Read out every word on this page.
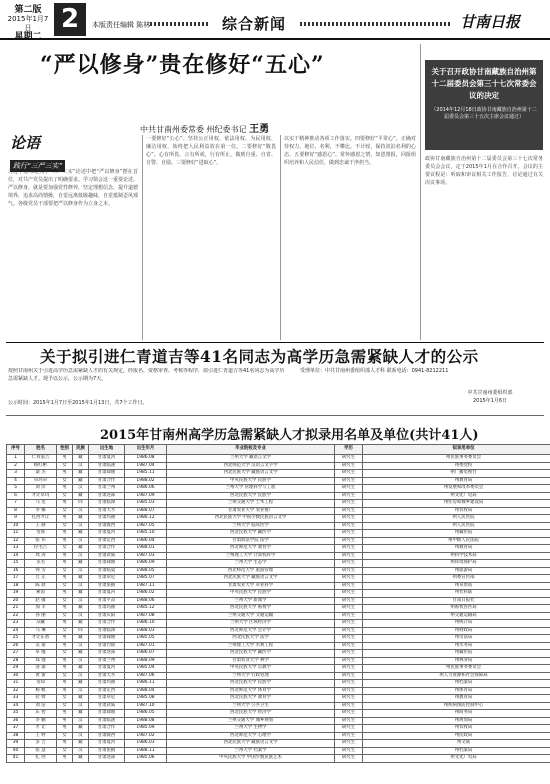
第二版
2015年1月7日
星期二
2	本版责任编辑 陈林	综合新闻	甘南日报
“严以修身”贵在修好“五心”
中共甘南州委常委 州纪委书记 王勇
论语
践行“三严三实”
习近平总书记关于“三严三实”论述中把“严以修身”摆在首位，对共产党员提出了明确要求。学习领会这一重要论述，严以修身，就是要加强党性修养，坚定理想信念，提升道德境界，追求高尚情操，自觉远离低级趣味，自觉抵制歪风邪气。各级党员干部要把严以修身作为立身之本。
一要修好“公心”。坚持公正用权、依法用权、为民用权、廉洁用权，始终把人民利益放在第一位。二要修好“敬畏心”。心有所畏，言有所戒，行有所止，做到自重、自省、自警、自励。三要修好“进取心”。
以实干精神推动各项工作落实。四要修好“平常心”。正确对待权力、地位、名利，不攀比、不计较，保持淡泊名利的心态。五要修好“感恩心”。常怀感恩之情，知恩图报，回报组织培养和人民信任，做到忠诚干净担当。
关于召开政协甘南藏族自治州第十二届委员会第三十七次常委会议的决定
（2014年12月18日政协甘南藏族自治州第十二届委员会第三十五次主席会议通过）
政协甘南藏族自治州第十二届委员会第三十七次常务委员会会议，定于2015年1月在合作召开。会议的主要议程是：听取和审议相关工作报告，讨论通过有关决议事项。
关于拟引进仁青道吉等41名同志为高学历急需紧缺人才的公示
按照甘南州关于引进高学历急需紧缺人才的有关规定，经报名、资格审查、考核等程序，拟引进仁青道吉等41名同志为高学历急需紧缺人才。现予以公示，公示期为7天。
公示时间：2015年1月7日至2015年1月13日，共7个工作日。
受理单位：中共甘南州委组织部人才科 联系电话：0941-8212211
中共甘南州委组织部
2015年1月6日
2015年甘南州高学历急需紧缺人才拟录用名单及单位(共计41人)
序号	姓名	性别	民族	出生地	出生年月	毕业院校及专业	学历	拟录用单位
1	仁青道吉	男	藏	甘肃夏河	1986.08	兰州大学 藏语言文学	研究生	州民族事务委员会
2	杨红彬	女	汉	甘肃临洮	1987.04	西北师范大学 汉语言文字学	研究生	州委党校
3	桑 杰	男	藏	甘肃碌曲	1985.11	西北民族大学 藏族语言文学	研究生	州广播电视台
4	卓玛草	女	藏	甘肃合作	1988.02	中央民族大学 民族学	研究生	州教育局
5	刘 洋	男	汉	甘肃兰州	1986.06	兰州大学 管理科学与工程	研究生	州发展和改革委员会
6	才让卓玛	女	藏	甘肃迭部	1987.09	西北民族大学 民族学	研究生	州文化广电局
7	马 龙	男	回	甘肃临潭	1985.03	兰州交通大学 土木工程	研究生	州住房和城乡建设局
8	李 娜	女	汉	甘肃天水	1988.07	甘肃农业大学 农业推广	研究生	州农牧局
9	扎西才让	男	藏	甘肃玛曲	1986.12	西北民族大学 中国少数民族语言文学	研究生	州人民医院
10	王 静	女	汉	甘肃陇西	1987.05	兰州大学 临床医学	研究生	州人民医院
11	贡保	男	藏	甘肃夏河	1985.10	西北民族大学 藏医学	研究生	州藏医院
12	张 伟	男	汉	甘肃定西	1986.04	甘肃政法学院 法学	研究生	州中级人民法院
13	拉毛吉	女	藏	甘肃合作	1988.01	西北师范大学 教育学	研究生	州教育局
14	周 涛	男	汉	甘肃武威	1987.03	兰州理工大学 计算机科学	研究生	州科学技术局
15	多杰	男	藏	甘肃碌曲	1986.09	兰州大学 生态学	研究生	州环境保护局
16	何 雪	女	汉	甘肃临夏	1988.05	西北师范大学 旅游管理	研究生	州旅游局
17	旦 正	男	藏	甘肃卓尼	1985.07	西北民族大学 藏族语言文学	研究生	州委宣传部
18	陈 晨	女	汉	甘肃张掖	1987.11	甘肃农业大学 草业科学	研究生	州草原站
19	索南	男	藏	甘肃夏河	1986.02	中央民族大学 民族学	研究生	州社科联
20	赵 敏	女	汉	甘肃平凉	1988.06	兰州大学 新闻学	研究生	甘南日报社
21	加 羊	男	藏	甘肃玛曲	1985.12	西北民族大学 畜牧学	研究生	州畜牧兽医局
22	孙 丽	女	汉	甘肃庆阳	1987.08	兰州交通大学 交通运输	研究生	州交通运输局
23	尕藏	男	藏	甘肃合作	1986.10	兰州大学 区域经济学	研究生	州统计局
24	马 琳	女	回	甘肃临潭	1988.03	西北师范大学 会计学	研究生	州财政局
25	才让东智	男	藏	甘肃碌曲	1985.05	西北民族大学 法学	研究生	州司法局
26	吴 迪	男	汉	甘肃白银	1987.01	兰州理工大学 水利工程	研究生	州水务局
27	卓 嘎	女	藏	甘肃迭部	1986.07	西北民族大学 藏医学	研究生	州藏医院
28	郑 强	男	汉	甘肃兰州	1988.09	甘肃农业大学 林学	研究生	州林业局
29	洛 桑	男	藏	甘肃夏河	1985.04	中央民族大学 宗教学	研究生	州民族事务委员会
30	黄 蕾	女	汉	甘肃天水	1987.06	兰州大学 行政管理	研究生	州人力资源和社会保障局
31	贡却	男	藏	甘肃玛曲	1986.11	西北民族大学 民族学	研究生	州档案局
32	杨 帆	男	汉	甘肃定西	1988.04	西北师范大学 体育学	研究生	州体育局
33	拉 姆	女	藏	甘肃卓尼	1985.08	西北民族大学 教育学	研究生	州教育局
34	刘 洁	女	汉	甘肃武威	1987.10	兰州大学 公共卫生	研究生	州疾病预防控制中心
35	东 智	男	藏	甘肃碌曲	1986.05	西北民族大学 经济学	研究生	州商务局
36	李 鹏	男	汉	甘肃临洮	1988.08	兰州交通大学 城乡规划	研究生	州规划局
37	才 让	男	藏	甘肃合作	1985.09	兰州大学 生物学	研究生	州农牧局
38	王 婷	女	汉	甘肃陇西	1987.02	西北师范大学 心理学	研究生	州民政局
39	多 吉	男	藏	甘肃夏河	1986.03	西北民族大学 藏族语言文学	研究生	州文联
40	张 慧	女	汉	甘肃张掖	1988.11	兰州大学 档案学	研究生	州档案局
41	扎 西	男	藏	甘肃迭部	1985.06	中央民族大学 中国少数民族艺术	研究生	州文化广电局
